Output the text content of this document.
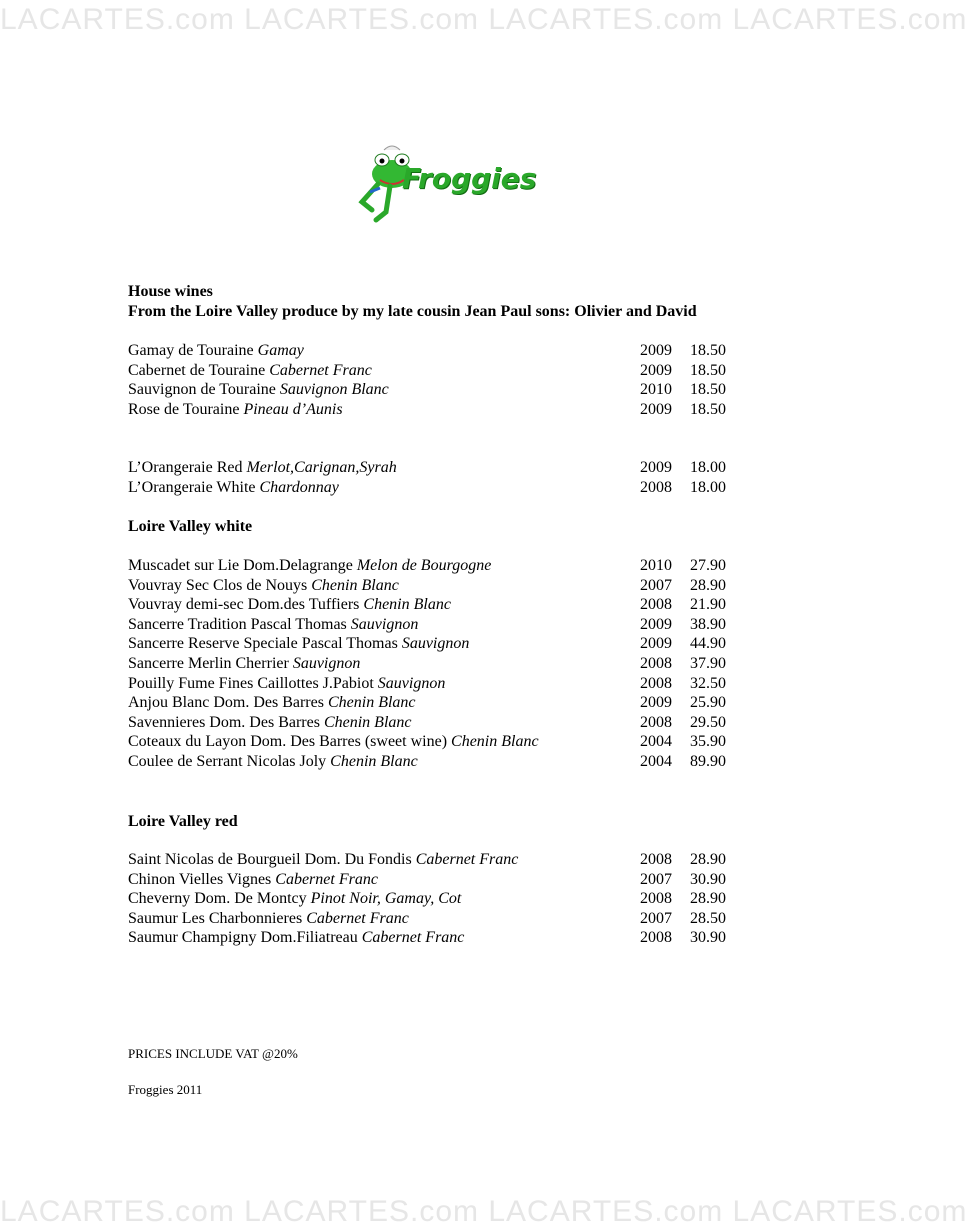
LACARTES.com LACARTES.com LACARTES.com LACARTES.com
Froggies
House wines
From the Loire Valley produce by my late cousin Jean Paul sons: Olivier and David
Gamay de Touraine Gamay	2009 18.50
Cabernet de Touraine Cabernet Franc	2009 18.50
Sauvignon de Touraine Sauvignon Blanc	2010 18.50
Rose de Touraine Pineau d’Aunis	2009 18.50
L’Orangeraie Red Merlot,Carignan,Syrah	2009 18.00
L’Orangeraie White Chardonnay	2008 18.00
Loire Valley white
Muscadet sur Lie Dom.Delagrange Melon de Bourgogne	2010 27.90
Vouvray Sec Clos de Nouys Chenin Blanc	2007 28.90
Vouvray demi-sec Dom.des Tuffiers Chenin Blanc	2008 21.90
Sancerre Tradition Pascal Thomas Sauvignon	2009 38.90
Sancerre Reserve Speciale Pascal Thomas Sauvignon	2009 44.90
Sancerre Merlin Cherrier Sauvignon	2008 37.90
Pouilly Fume Fines Caillottes J.Pabiot Sauvignon	2008 32.50
Anjou Blanc Dom. Des Barres Chenin Blanc	2009 25.90
Savennieres Dom. Des Barres Chenin Blanc	2008 29.50
Coteaux du Layon Dom. Des Barres (sweet wine) Chenin Blanc	2004 35.90
Coulee de Serrant Nicolas Joly Chenin Blanc	2004 89.90
Loire Valley red
Saint Nicolas de Bourgueil Dom. Du Fondis Cabernet Franc	2008 28.90
Chinon Vielles Vignes Cabernet Franc	2007 30.90
Cheverny Dom. De Montcy Pinot Noir, Gamay, Cot	2008 28.90
Saumur Les Charbonnieres Cabernet Franc	2007 28.50
Saumur Champigny Dom.Filiatreau Cabernet Franc	2008 30.90
PRICES INCLUDE VAT @20%
Froggies 2011
LACARTES.com LACARTES.com LACARTES.com LACARTES.com
